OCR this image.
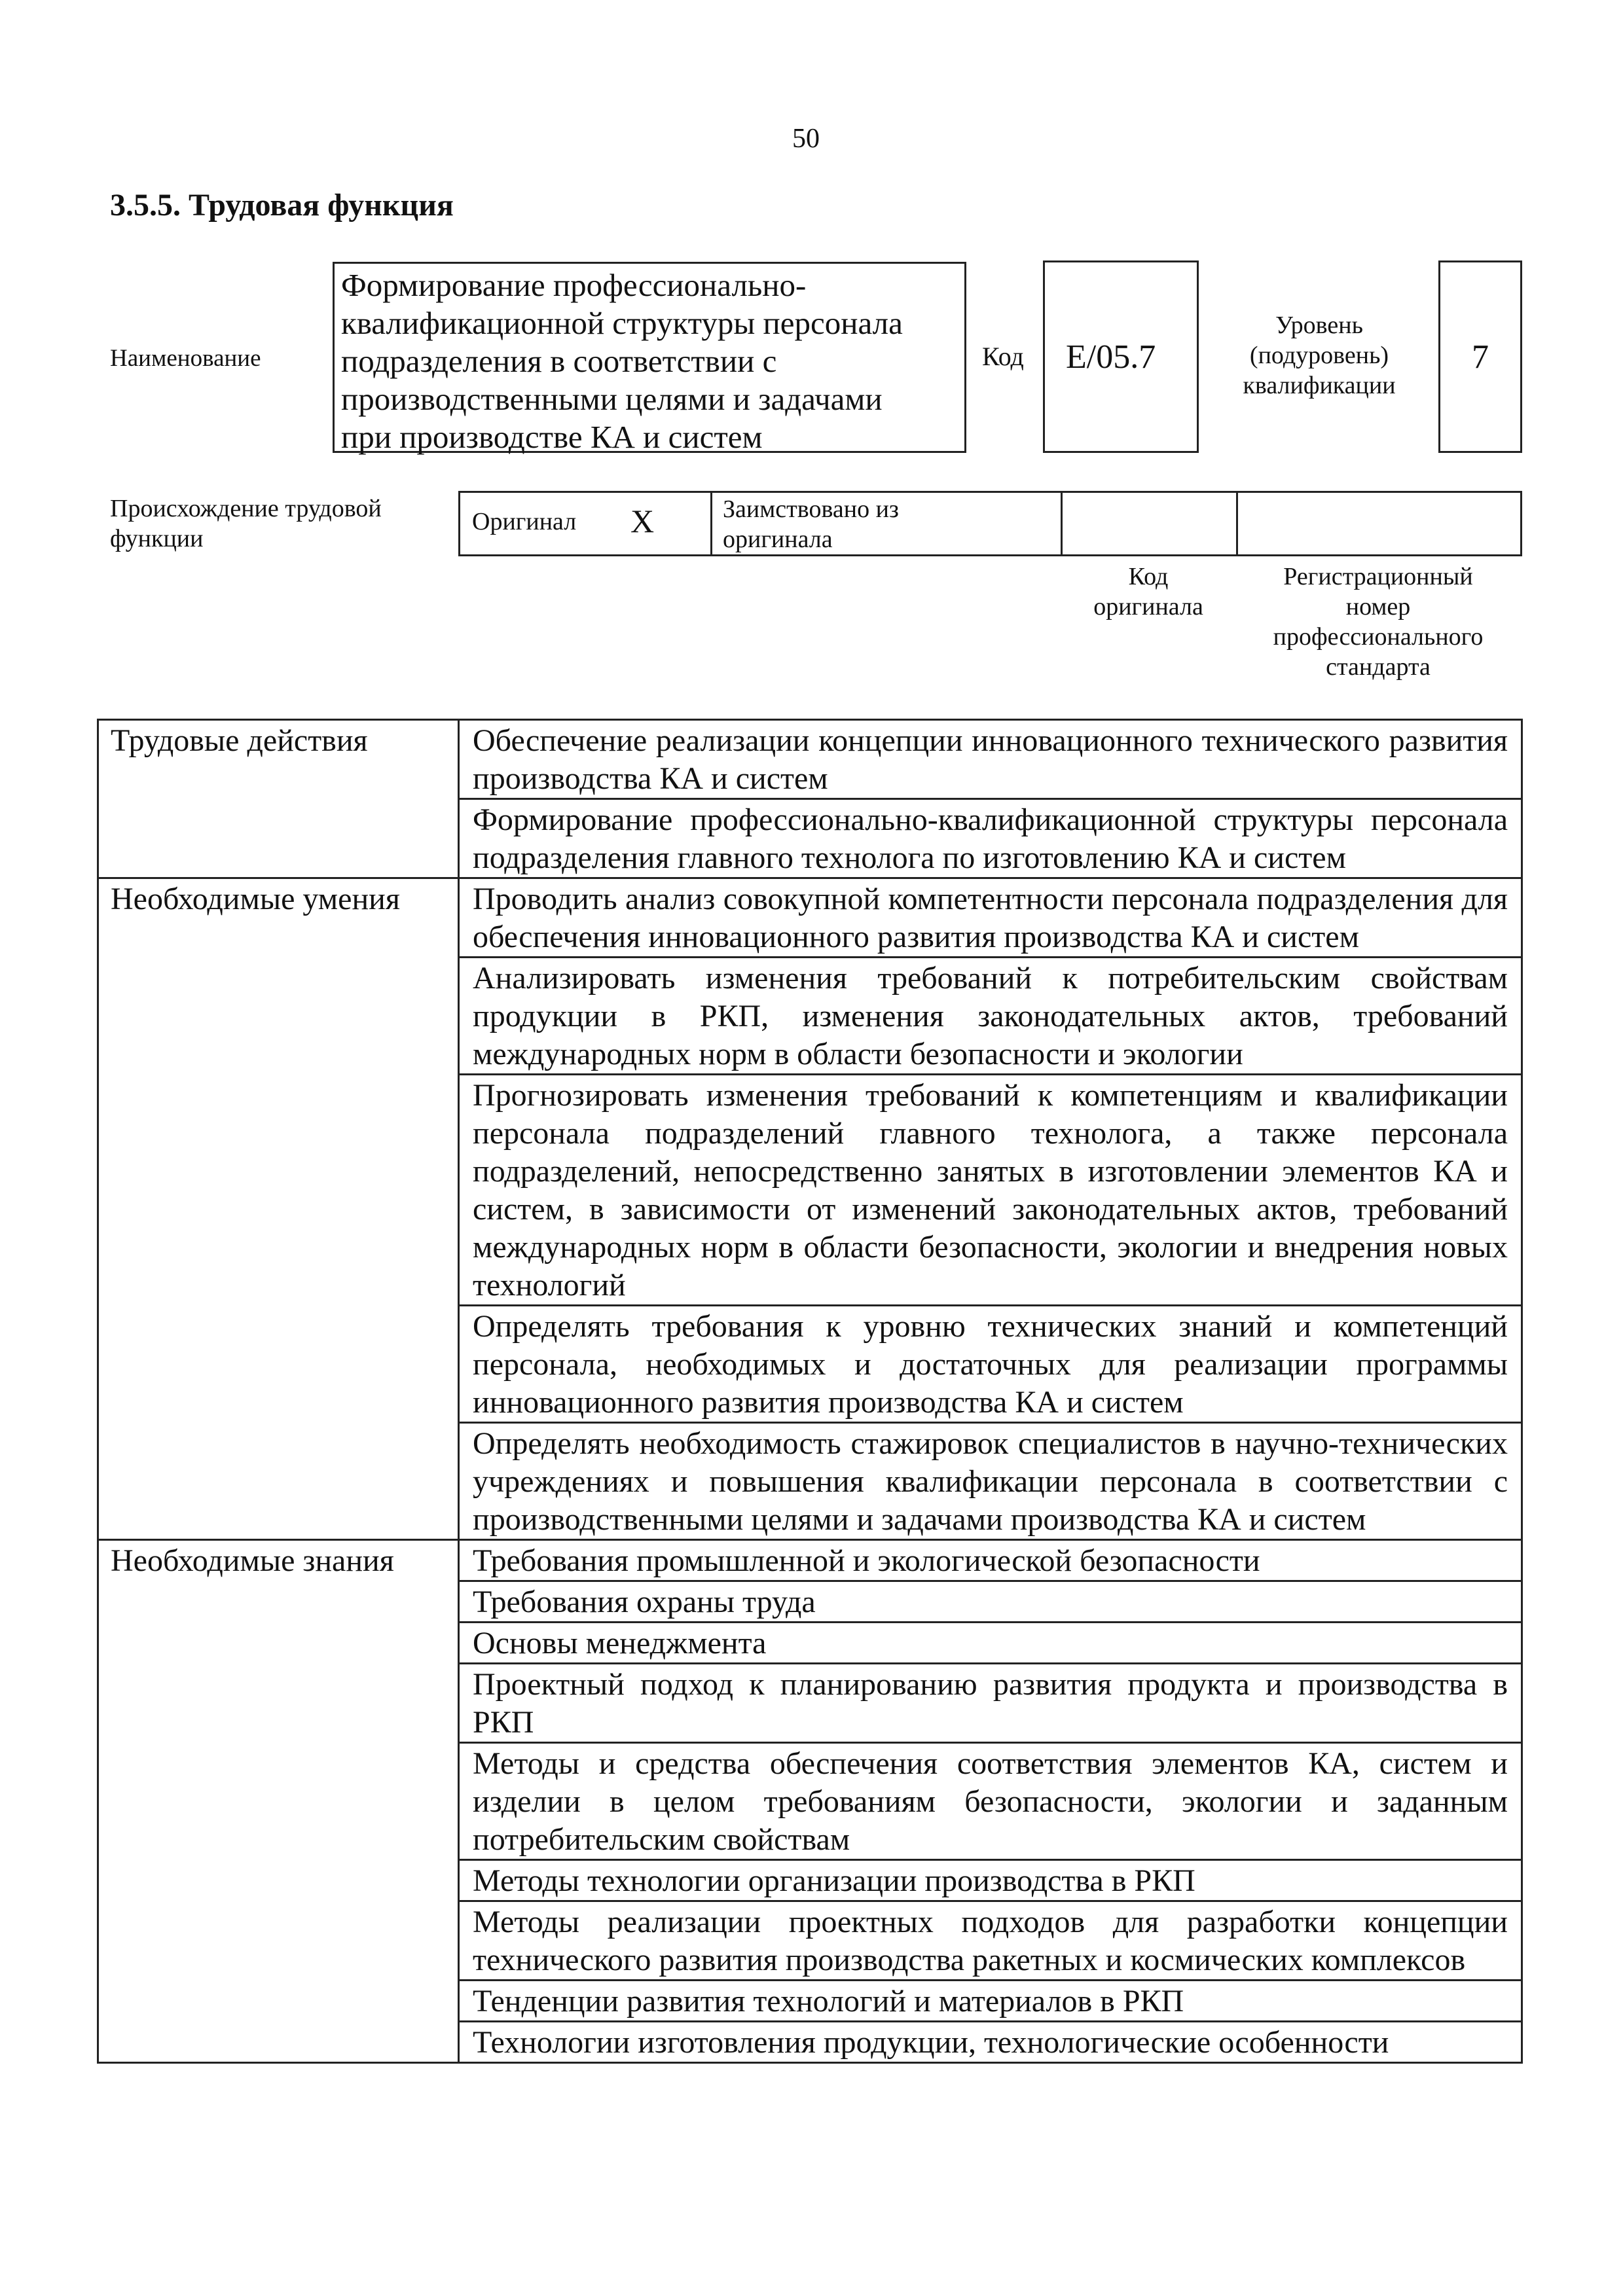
50
3.5.5. Трудовая функция
Наименование
Формирование профессионально-
квалификационной структуры персонала
подразделения в соответствии с
производственными целями и задачами
при производстве КА и систем
Код E/05.7
Уровень
(подуровень)
квалификации
7
Происхождение трудовой
функции
Оригинал X	Заимствовано из
оригинала
Код
оригинала
Регистрационный
номер
профессионального
стандарта
Трудовые действия	Обеспечение реализации концепции инновационного технического развития производства КА и систем
	Формирование профессионально-квалификационной структуры персонала подразделения главного технолога по изготовлению КА и систем
Необходимые умения	Проводить анализ совокупной компетентности персонала подразделения для обеспечения инновационного развития производства КА и систем
	Анализировать изменения требований к потребительским свойствам продукции в РКП, изменения законодательных актов, требований международных норм в области безопасности и экологии
	Прогнозировать изменения требований к компетенциям и квалификации персонала подразделений главного технолога, а также персонала подразделений, непосредственно занятых в изготовлении элементов КА и систем, в зависимости от изменений законодательных актов, требований международных норм в области безопасности, экологии и внедрения новых технологий
	Определять требования к уровню технических знаний и компетенций персонала, необходимых и достаточных для реализации программы инновационного развития производства КА и систем
	Определять необходимость стажировок специалистов в научно-технических учреждениях и повышения квалификации персонала в соответствии с производственными целями и задачами производства КА и систем
Необходимые знания	Требования промышленной и экологической безопасности
	Требования охраны труда
	Основы менеджмента
	Проектный подход к планированию развития продукта и производства в РКП
	Методы и средства обеспечения соответствия элементов КА, систем и изделии в целом требованиям безопасности, экологии и заданным потребительским свойствам
	Методы технологии организации производства в РКП
	Методы реализации проектных подходов для разработки концепции технического развития производства ракетных и космических комплексов
	Тенденции развития технологий и материалов в РКП
	Технологии изготовления продукции, технологические особенности
